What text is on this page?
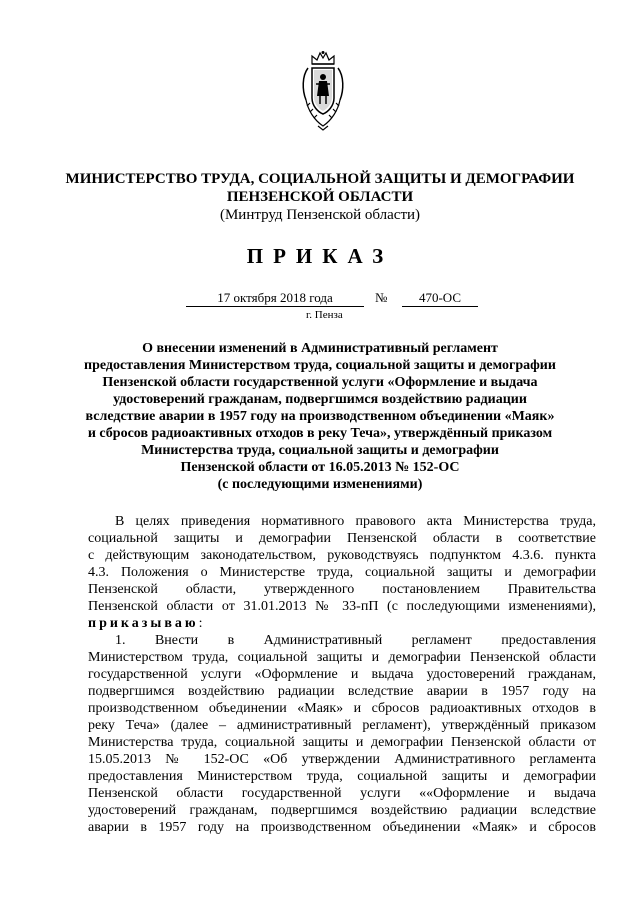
МИНИСТЕРСТВО ТРУДА, СОЦИАЛЬНОЙ ЗАЩИТЫ И ДЕМОГРАФИИ
ПЕНЗЕНСКОЙ ОБЛАСТИ
(Минтруд Пензенской области)
ПРИКАЗ
17 октября 2018 года	№	470-ОС
г. Пенза
О внесении изменений в Административный регламент
предоставления Министерством труда, социальной защиты и демографии
Пензенской области государственной услуги «Оформление и выдача
удостоверений гражданам, подвергшимся воздействию радиации
вследствие аварии в 1957 году на производственном объединении «Маяк»
и сбросов радиоактивных отходов в реку Теча», утверждённый приказом
Министерства труда, социальной защиты и демографии
Пензенской области от 16.05.2013 № 152-ОС
(с последующими изменениями)
В целях приведения нормативного правового акта Министерства труда,
социальной защиты и демографии Пензенской области в соответствие
с действующим законодательством, руководствуясь подпунктом 4.3.6. пункта
4.3. Положения о Министерстве труда, социальной защиты и демографии
Пензенской области, утвержденного постановлением Правительства
Пензенской области от 31.01.2013 № 33-пП (с последующими изменениями),
приказываю:
1. Внести в Административный регламент предоставления
Министерством труда, социальной защиты и демографии Пензенской области
государственной услуги «Оформление и выдача удостоверений гражданам,
подвергшимся воздействию радиации вследствие аварии в 1957 году на
производственном объединении «Маяк» и сбросов радиоактивных отходов в
реку Теча» (далее – административный регламент), утверждённый приказом
Министерства труда, социальной защиты и демографии Пензенской области от
15.05.2013 № 152-ОС «Об утверждении Административного регламента
предоставления Министерством труда, социальной защиты и демографии
Пензенской области государственной услуги ««Оформление и выдача
удостоверений гражданам, подвергшимся воздействию радиации вследствие
аварии в 1957 году на производственном объединении «Маяк» и сбросов
